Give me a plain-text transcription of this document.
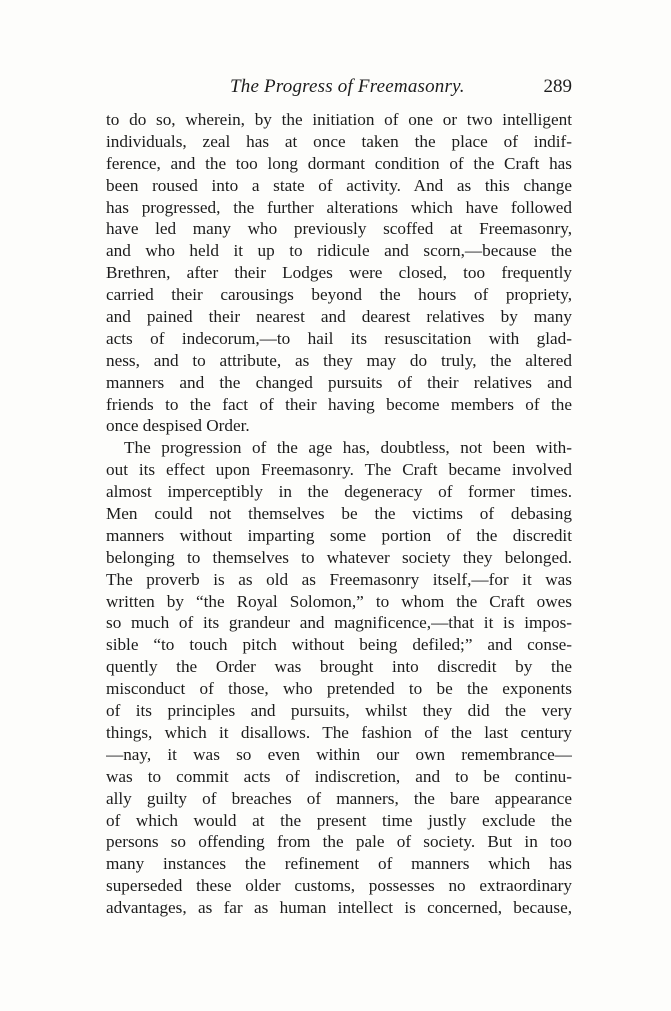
The Progress of Freemasonry.	289
to do so, wherein, by the initiation of one or two intelligent
individuals, zeal has at once taken the place of indif-
ference, and the too long dormant condition of the Craft has
been roused into a state of activity. And as this change
has progressed, the further alterations which have followed
have led many who previously scoffed at Freemasonry,
and who held it up to ridicule and scorn,—because the
Brethren, after their Lodges were closed, too frequently
carried their carousings beyond the hours of propriety,
and pained their nearest and dearest relatives by many
acts of indecorum,—to hail its resuscitation with glad-
ness, and to attribute, as they may do truly, the altered
manners and the changed pursuits of their relatives and
friends to the fact of their having become members of the
once despised Order.
The progression of the age has, doubtless, not been with-
out its effect upon Freemasonry. The Craft became involved
almost imperceptibly in the degeneracy of former times.
Men could not themselves be the victims of debasing
manners without imparting some portion of the discredit
belonging to themselves to whatever society they belonged.
The proverb is as old as Freemasonry itself,—for it was
written by “the Royal Solomon,” to whom the Craft owes
so much of its grandeur and magnificence,—that it is impos-
sible “to touch pitch without being defiled;” and conse-
quently the Order was brought into discredit by the
misconduct of those, who pretended to be the exponents
of its principles and pursuits, whilst they did the very
things, which it disallows. The fashion of the last century
—nay, it was so even within our own remembrance—
was to commit acts of indiscretion, and to be continu-
ally guilty of breaches of manners, the bare appearance
of which would at the present time justly exclude the
persons so offending from the pale of society. But in too
many instances the refinement of manners which has
superseded these older customs, possesses no extraordinary
advantages, as far as human intellect is concerned, because,
